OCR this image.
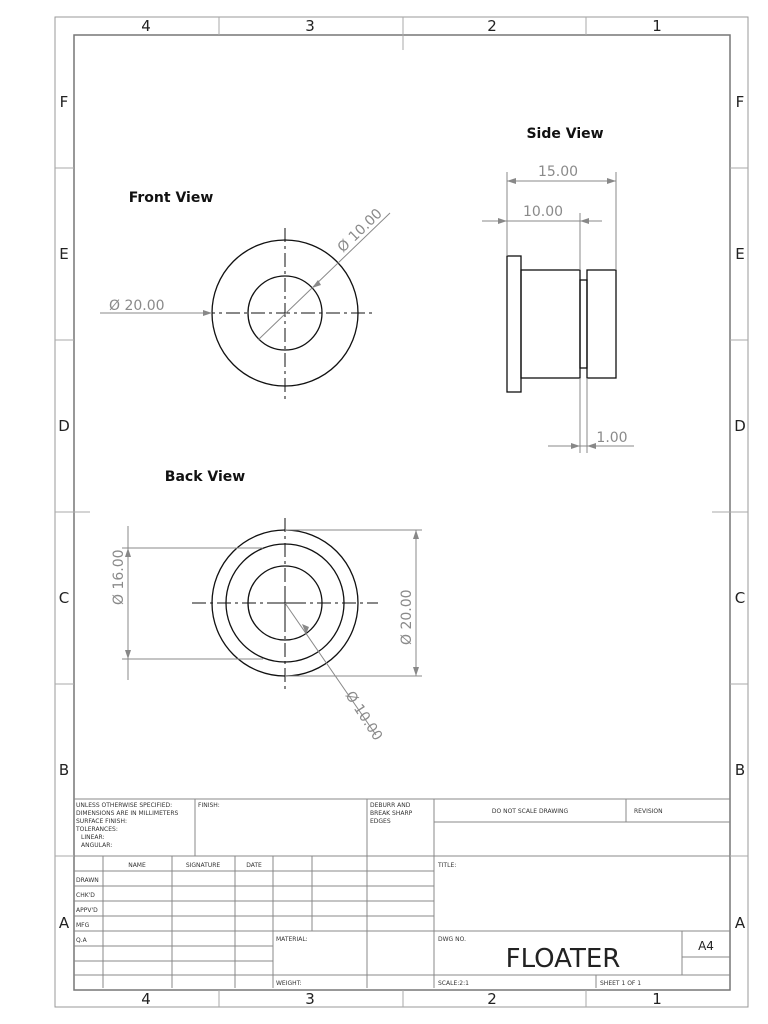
4	3	2	1
4	3	2	1
F
E
D
C
B
A
F
E
D
C
B
A
Front View
Ø 20.00
Ø 10.00
Side View
15.00
10.00
1.00
Back View
Ø 16.00
Ø 20.00
Ø 10.00
UNLESS OTHERWISE SPECIFIED:
DIMENSIONS ARE IN MILLIMETERS
SURFACE FINISH:
TOLERANCES:
LINEAR:
ANGULAR:
FINISH:	DEBURR AND
BREAK SHARP
EDGES
DO NOT SCALE DRAWING	REVISION
NAME	SIGNATURE	DATE
DRAWN
CHK'D
APPV'D
MFG
Q.A
TITLE:
MATERIAL:
WEIGHT:
DWG NO.
FLOATER	A4
SCALE:2:1	SHEET 1 OF 1
